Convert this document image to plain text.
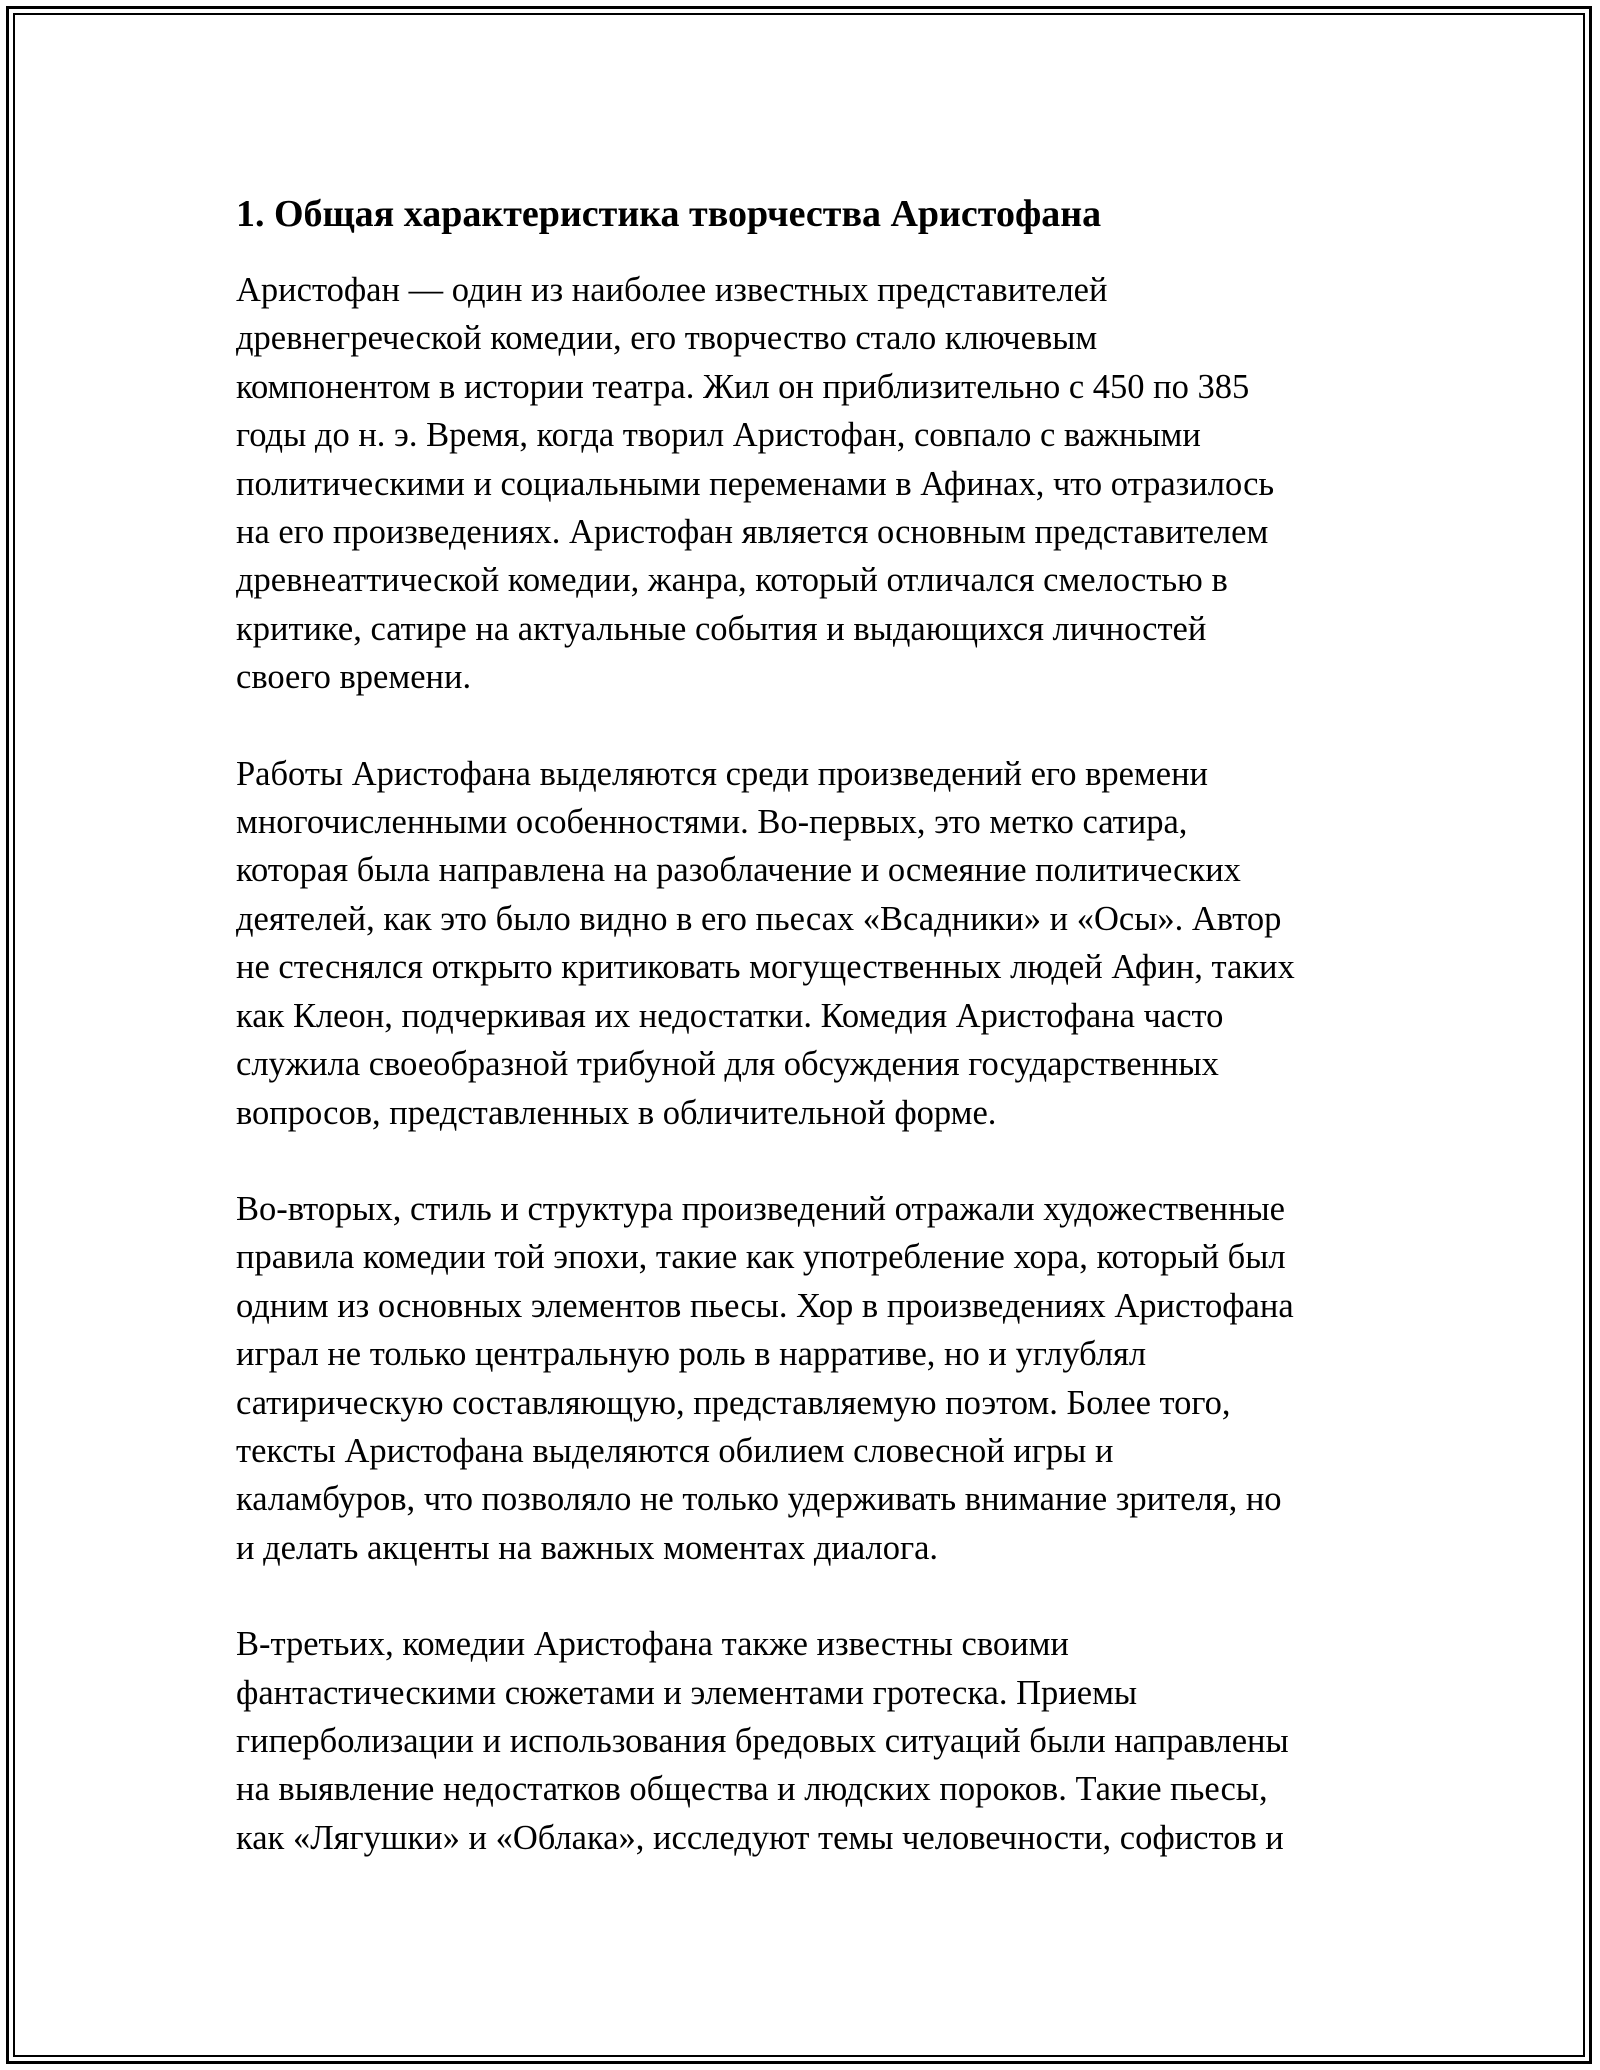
1. Общая характеристика творчества Аристофана

Аристофан — один из наиболее известных представителей
древнегреческой комедии, его творчество стало ключевым
компонентом в истории театра. Жил он приблизительно с 450 по 385
годы до н. э. Время, когда творил Аристофан, совпало с важными
политическими и социальными переменами в Афинах, что отразилось
на его произведениях. Аристофан является основным представителем
древнеаттической комедии, жанра, который отличался смелостью в
критике, сатире на актуальные события и выдающихся личностей
своего времени.

Работы Аристофана выделяются среди произведений его времени
многочисленными особенностями. Во-первых, это метко сатира,
которая была направлена на разоблачение и осмеяние политических
деятелей, как это было видно в его пьесах «Всадники» и «Осы». Автор
не стеснялся открыто критиковать могущественных людей Афин, таких
как Клеон, подчеркивая их недостатки. Комедия Аристофана часто
служила своеобразной трибуной для обсуждения государственных
вопросов, представленных в обличительной форме.

Во-вторых, стиль и структура произведений отражали художественные
правила комедии той эпохи, такие как употребление хора, который был
одним из основных элементов пьесы. Хор в произведениях Аристофана
играл не только центральную роль в нарративе, но и углублял
сатирическую составляющую, представляемую поэтом. Более того,
тексты Аристофана выделяются обилием словесной игры и
каламбуров, что позволяло не только удерживать внимание зрителя, но
и делать акценты на важных моментах диалога.

В-третьих, комедии Аристофана также известны своими
фантастическими сюжетами и элементами гротеска. Приемы
гиперболизации и использования бредовых ситуаций были направлены
на выявление недостатков общества и людских пороков. Такие пьесы,
как «Лягушки» и «Облака», исследуют темы человечности, софистов и
